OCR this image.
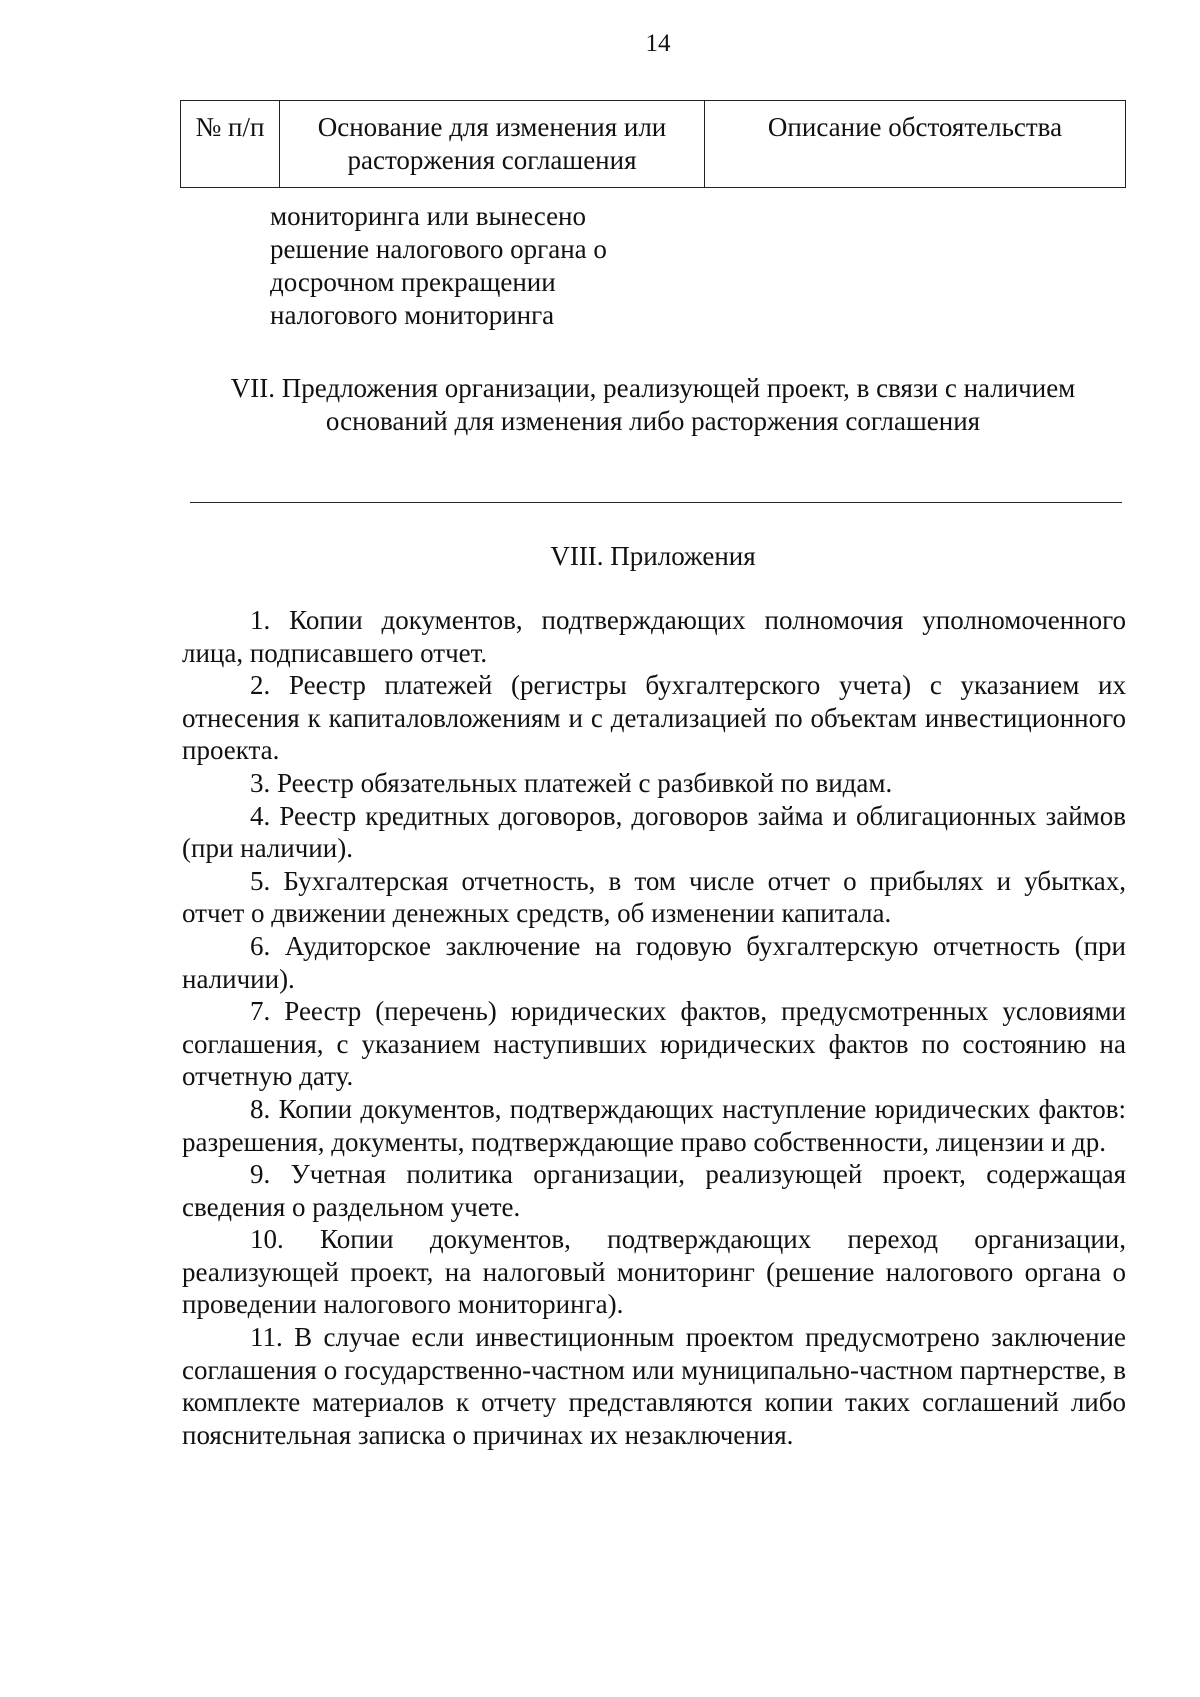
14
№ п/п	Основание для изменения или расторжения соглашения	Описание обстоятельства
мониторинга или вынесено
решение налогового органа о
досрочном прекращении
налогового мониторинга
VII. Предложения организации, реализующей проект, в связи с наличием оснований для изменения либо расторжения соглашения
VIII. Приложения

1. Копии документов, подтверждающих полномочия уполномоченного лица, подписавшего отчет.

2. Реестр платежей (регистры бухгалтерского учета) с указанием их отнесения к капиталовложениям и с детализацией по объектам инвестиционного проекта.

3. Реестр обязательных платежей с разбивкой по видам.

4. Реестр кредитных договоров, договоров займа и облигационных займов (при наличии).

5. Бухгалтерская отчетность, в том числе отчет о прибылях и убытках, отчет о движении денежных средств, об изменении капитала.

6. Аудиторское заключение на годовую бухгалтерскую отчетность (при наличии).

7. Реестр (перечень) юридических фактов, предусмотренных условиями соглашения, с указанием наступивших юридических фактов по состоянию на отчетную дату.

8. Копии документов, подтверждающих наступление юридических фактов: разрешения, документы, подтверждающие право собственности, лицензии и др.

9. Учетная политика организации, реализующей проект, содержащая сведения о раздельном учете.

10. Копии документов, подтверждающих переход организации, реализующей проект, на налоговый мониторинг (решение налогового органа о проведении налогового мониторинга).

11. В случае если инвестиционным проектом предусмотрено заключение соглашения о государственно-частном или муниципально-частном партнерстве, в комплекте материалов к отчету представляются копии таких соглашений либо пояснительная записка о причинах их незаключения.
